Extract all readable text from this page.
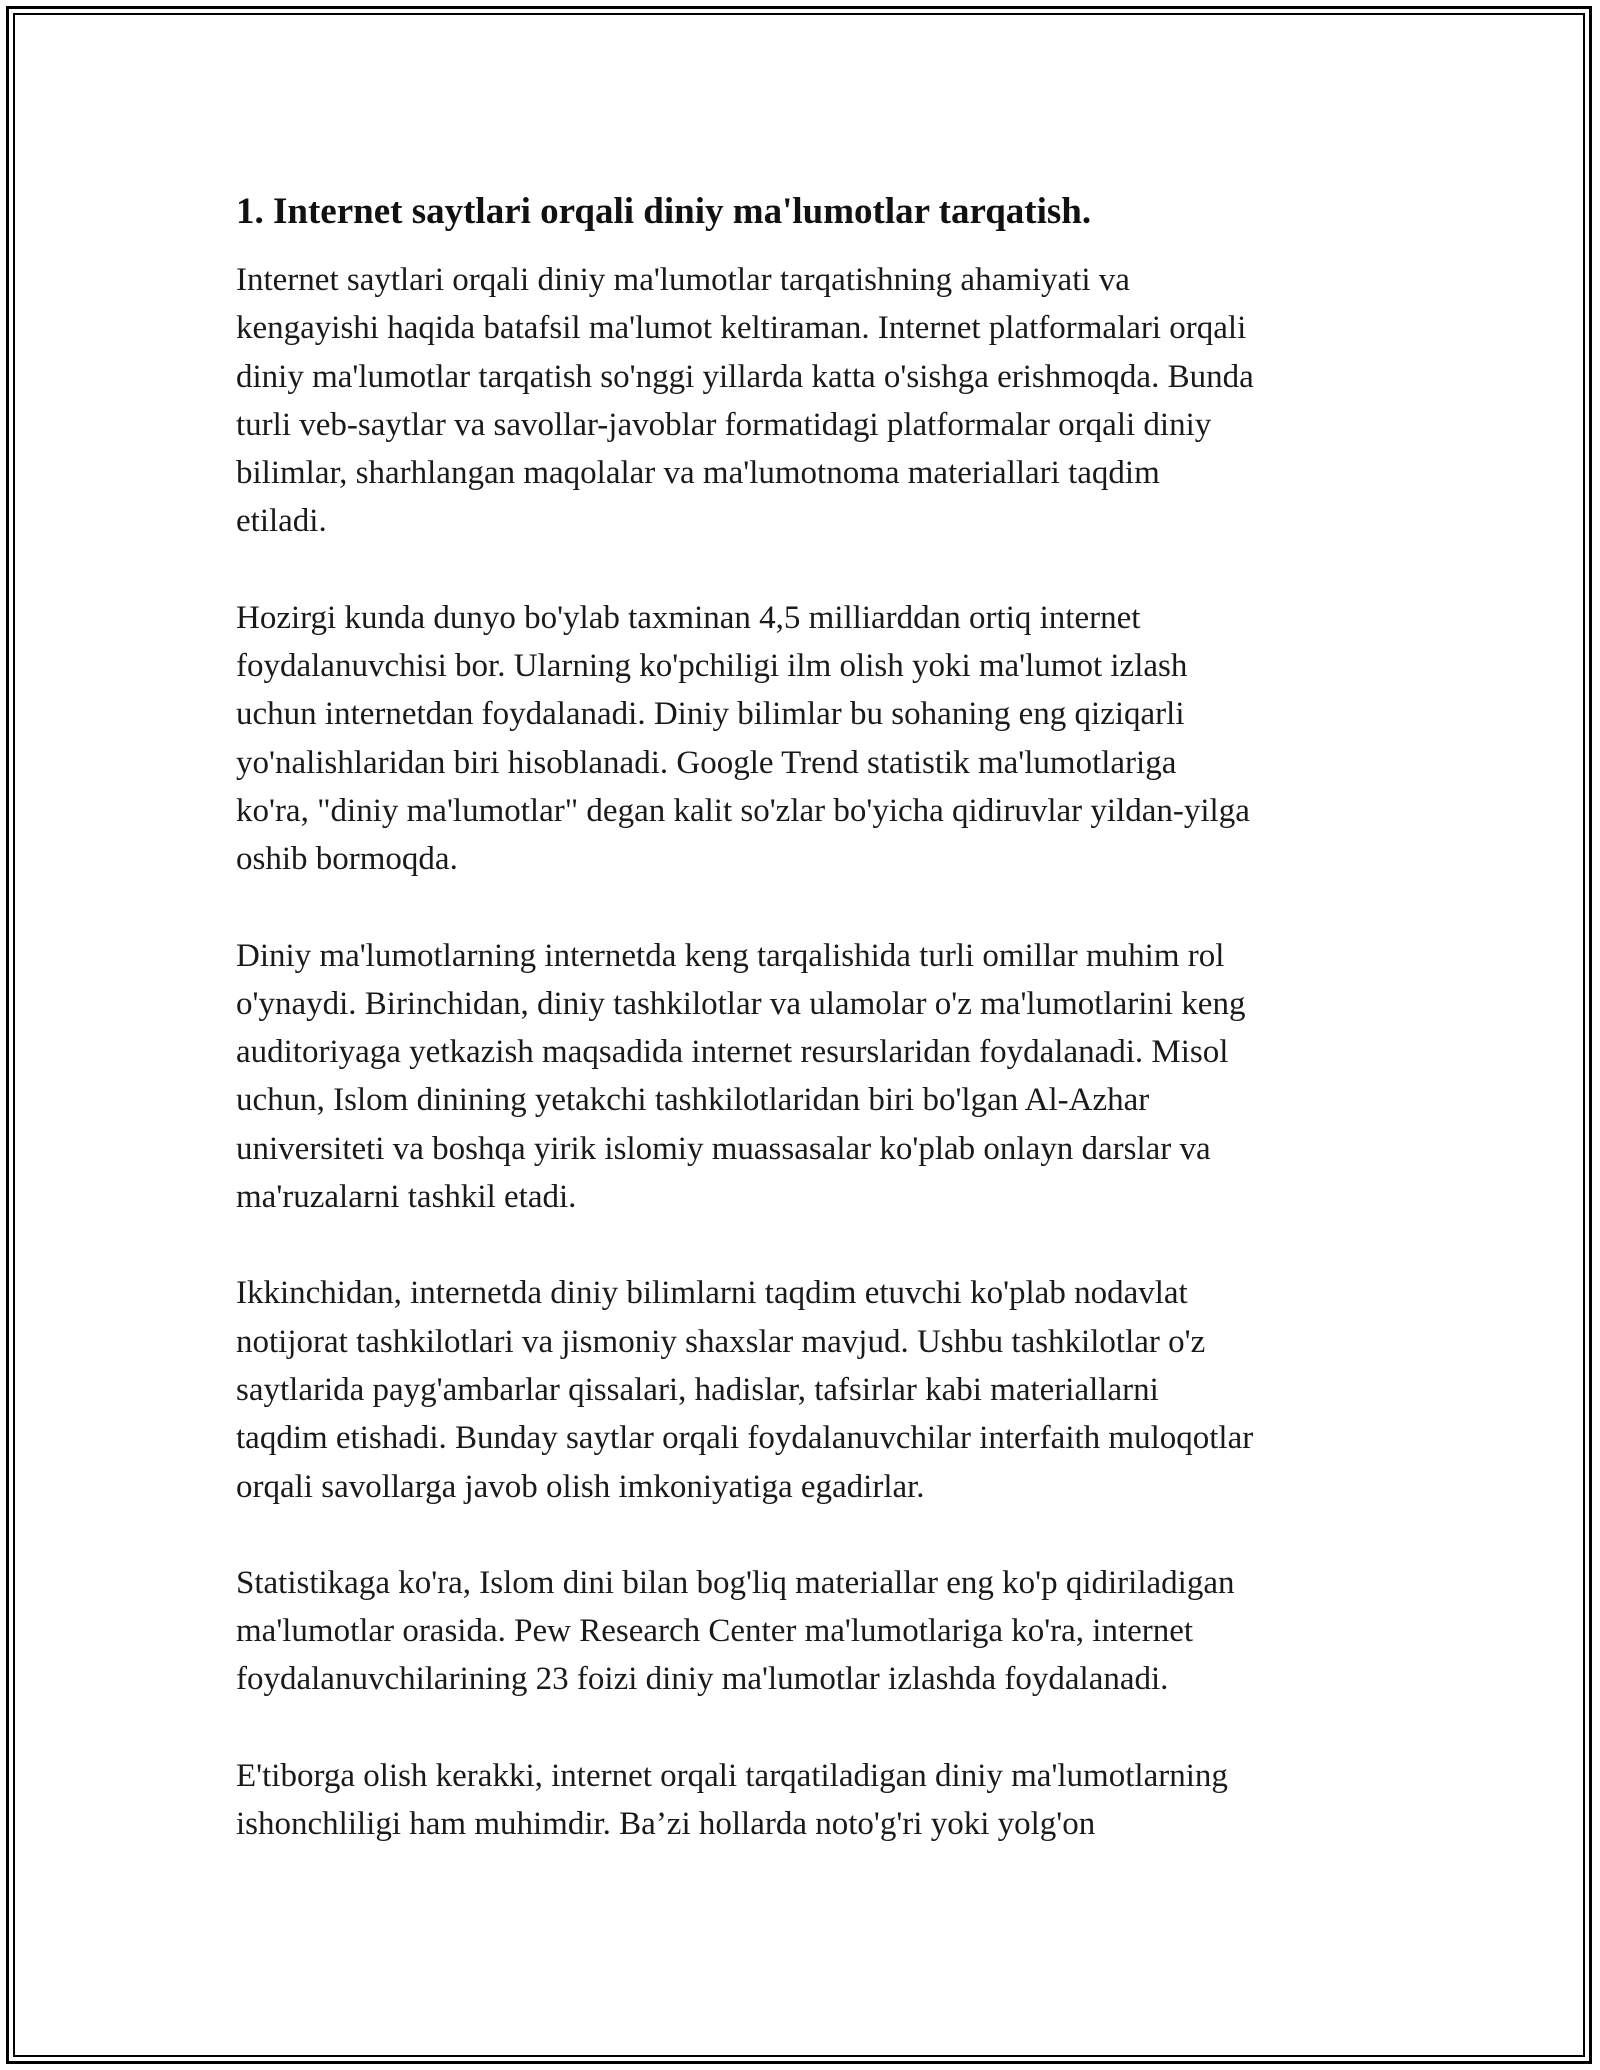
1. Internet saytlari orqali diniy ma'lumotlar tarqatish.
Internet saytlari orqali diniy ma'lumotlar tarqatishning ahamiyati va
kengayishi haqida batafsil ma'lumot keltiraman. Internet platformalari orqali
diniy ma'lumotlar tarqatish so'nggi yillarda katta o'sishga erishmoqda. Bunda
turli veb-saytlar va savollar-javoblar formatidagi platformalar orqali diniy
bilimlar, sharhlangan maqolalar va ma'lumotnoma materiallari taqdim
etiladi.
Hozirgi kunda dunyo bo'ylab taxminan 4,5 milliarddan ortiq internet
foydalanuvchisi bor. Ularning ko'pchiligi ilm olish yoki ma'lumot izlash
uchun internetdan foydalanadi. Diniy bilimlar bu sohaning eng qiziqarli
yo'nalishlaridan biri hisoblanadi. Google Trend statistik ma'lumotlariga
ko'ra, "diniy ma'lumotlar" degan kalit so'zlar bo'yicha qidiruvlar yildan-yilga
oshib bormoqda.
Diniy ma'lumotlarning internetda keng tarqalishida turli omillar muhim rol
o'ynaydi. Birinchidan, diniy tashkilotlar va ulamolar o'z ma'lumotlarini keng
auditoriyaga yetkazish maqsadida internet resurslaridan foydalanadi. Misol
uchun, Islom dinining yetakchi tashkilotlaridan biri bo'lgan Al-Azhar
universiteti va boshqa yirik islomiy muassasalar ko'plab onlayn darslar va
ma'ruzalarni tashkil etadi.
Ikkinchidan, internetda diniy bilimlarni taqdim etuvchi ko'plab nodavlat
notijorat tashkilotlari va jismoniy shaxslar mavjud. Ushbu tashkilotlar o'z
saytlarida payg'ambarlar qissalari, hadislar, tafsirlar kabi materiallarni
taqdim etishadi. Bunday saytlar orqali foydalanuvchilar interfaith muloqotlar
orqali savollarga javob olish imkoniyatiga egadirlar.
Statistikaga ko'ra, Islom dini bilan bog'liq materiallar eng ko'p qidiriladigan
ma'lumotlar orasida. Pew Research Center ma'lumotlariga ko'ra, internet
foydalanuvchilarining 23 foizi diniy ma'lumotlar izlashda foydalanadi.
E'tiborga olish kerakki, internet orqali tarqatiladigan diniy ma'lumotlarning
ishonchliligi ham muhimdir. Ba’zi hollarda noto'g'ri yoki yolg'on
